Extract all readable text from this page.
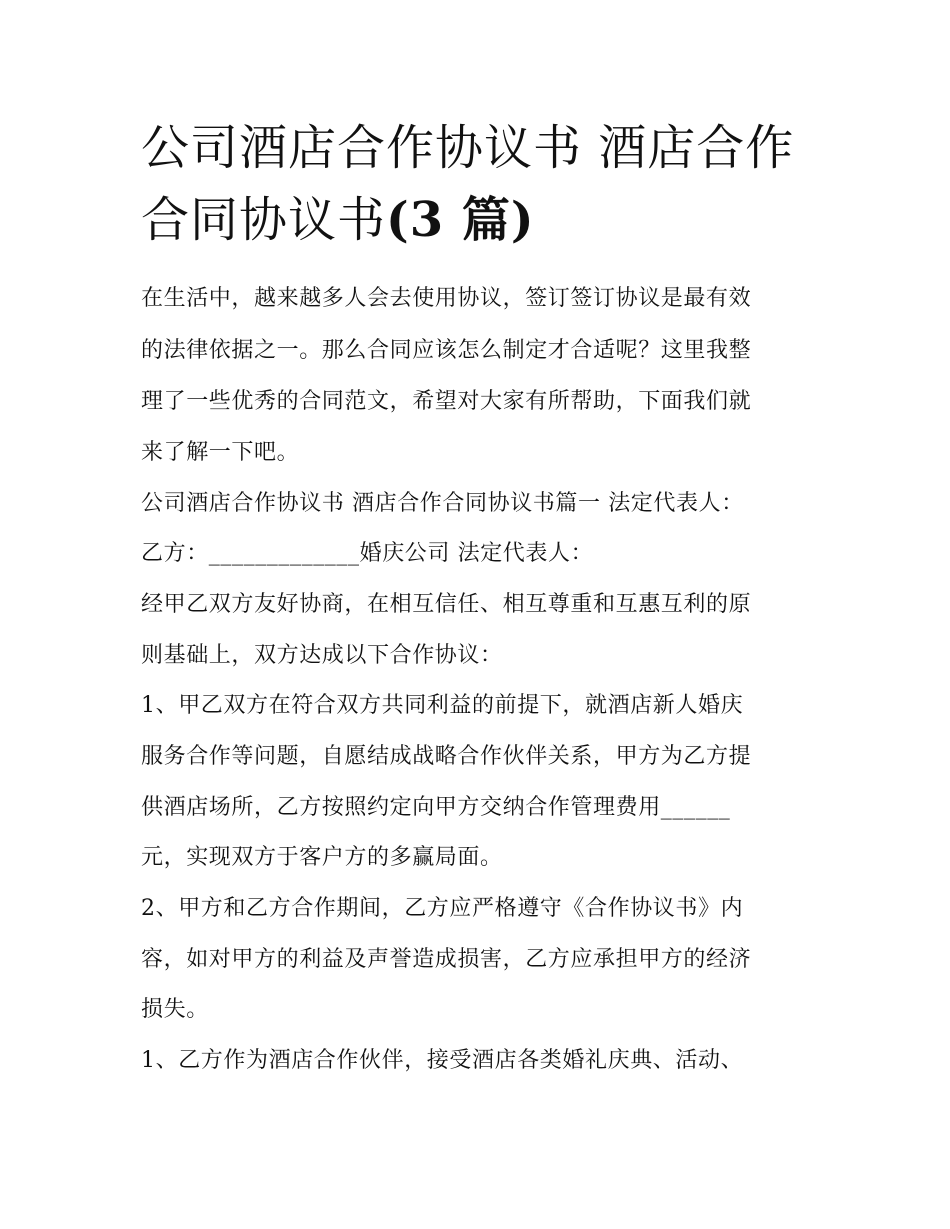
公司酒店合作协议书 酒店合作
合同协议书(3 篇)

在生活中，越来越多人会去使用协议，签订签订协议是最有效

的法律依据之一。那么合同应该怎么制定才合适呢？这里我整

理了一些优秀的合同范文，希望对大家有所帮助，下面我们就

来了解一下吧。

公司酒店合作协议书 酒店合作合同协议书篇一 法定代表人：

乙方：_____________婚庆公司 法定代表人：

经甲乙双方友好协商，在相互信任、相互尊重和互惠互利的原

则基础上，双方达成以下合作协议：

1、甲乙双方在符合双方共同利益的前提下，就酒店新人婚庆

服务合作等问题，自愿结成战略合作伙伴关系，甲方为乙方提

供酒店场所，乙方按照约定向甲方交纳合作管理费用______

元，实现双方于客户方的多赢局面。

2、甲方和乙方合作期间，乙方应严格遵守《合作协议书》内

容，如对甲方的利益及声誉造成损害，乙方应承担甲方的经济

损失。

1、乙方作为酒店合作伙伴，接受酒店各类婚礼庆典、活动、
